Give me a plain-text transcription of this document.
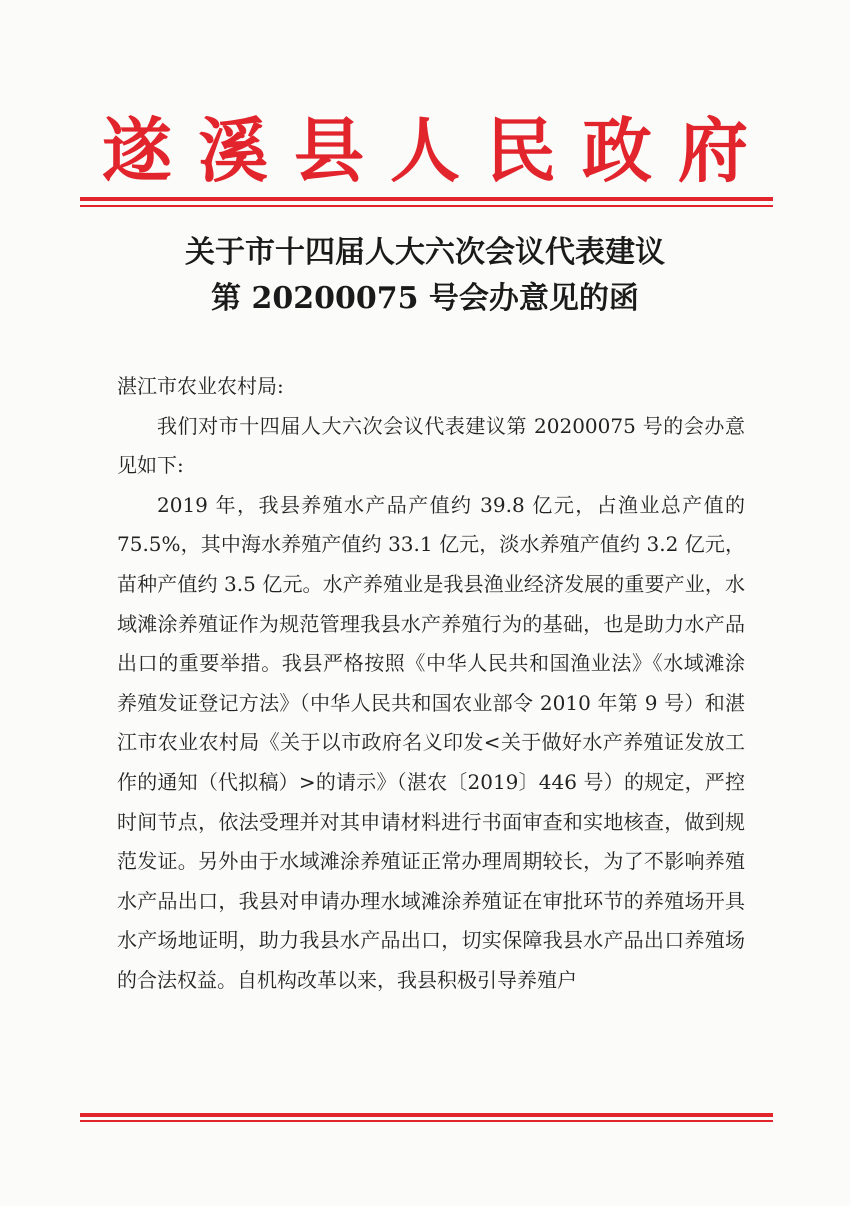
遂溪县人民政府
关于市十四届人大六次会议代表建议
第 20200075 号会办意见的函

湛江市农业农村局:

我们对市十四届人大六次会议代表建议第 20200075 号的会办意见如下:

2019 年，我县养殖水产品产值约 39.8 亿元，占渔业总产值的 75.5%，其中海水养殖产值约 33.1 亿元，淡水养殖产值约 3.2 亿元，苗种产值约 3.5 亿元。水产养殖业是我县渔业经济发展的重要产业，水域滩涂养殖证作为规范管理我县水产养殖行为的基础，也是助力水产品出口的重要举措。我县严格按照《中华人民共和国渔业法》《水域滩涂养殖发证登记方法》（中华人民共和国农业部令 2010 年第 9 号）和湛江市农业农村局《关于以市政府名义印发<关于做好水产养殖证发放工作的通知（代拟稿）>的请示》（湛农〔2019〕446 号）的规定，严控时间节点，依法受理并对其申请材料进行书面审查和实地核查，做到规范发证。另外由于水域滩涂养殖证正常办理周期较长，为了不影响养殖水产品出口，我县对申请办理水域滩涂养殖证在审批环节的养殖场开具水产场地证明，助力我县水产品出口，切实保障我县水产品出口养殖场的合法权益。自机构改革以来，我县积极引导养殖户
